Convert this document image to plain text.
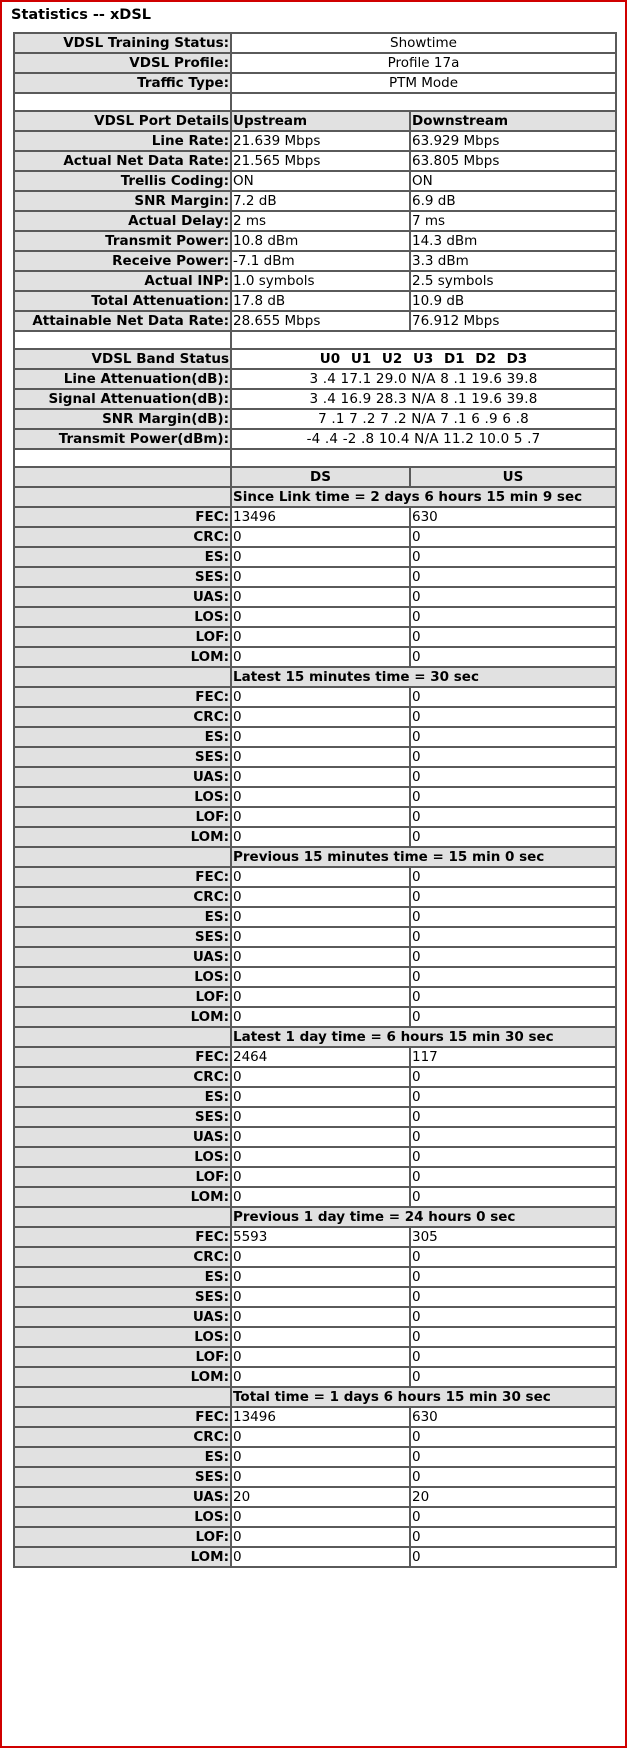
Statistics -- xDSL
VDSL Training Status:	Showtime	
VDSL Profile:	Profile 17a	
Traffic Type:	PTM Mode	

VDSL Port Details	Upstream	Downstream
Line Rate:	21.639 Mbps	63.929 Mbps
Actual Net Data Rate:	21.565 Mbps	63.805 Mbps
Trellis Coding:	ON	ON
SNR Margin:	7.2 dB	6.9 dB
Actual Delay:	2 ms	7 ms
Transmit Power:	10.8 dBm	14.3 dBm
Receive Power:	-7.1 dBm	3.3 dBm
Actual INP:	1.0 symbols	2.5 symbols
Total Attenuation:	17.8 dB	10.9 dB
Attainable Net Data Rate:	28.655 Mbps	76.912 Mbps

VDSL Band Status	U0 U1 U2 U3 D1 D2 D3	
Line Attenuation(dB):	3 .4 17.1 29.0 N/A 8 .1 19.6 39.8	
Signal Attenuation(dB):	3 .4 16.9 28.3 N/A 8 .1 19.6 39.8	
SNR Margin(dB):	7 .1 7 .2 7 .2 N/A 7 .1 6 .9 6 .8	
Transmit Power(dBm):	-4 .4 -2 .8 10.4 N/A 11.2 10.0 5 .7	

	DS	US
	Since Link time = 2 days 6 hours 15 min 9 sec	
FEC:	13496	630
CRC:	0	0
ES:	0	0
SES:	0	0
UAS:	0	0
LOS:	0	0
LOF:	0	0
LOM:	0	0
	Latest 15 minutes time = 30 sec	
FEC:	0	0
CRC:	0	0
ES:	0	0
SES:	0	0
UAS:	0	0
LOS:	0	0
LOF:	0	0
LOM:	0	0
	Previous 15 minutes time = 15 min 0 sec	
FEC:	0	0
CRC:	0	0
ES:	0	0
SES:	0	0
UAS:	0	0
LOS:	0	0
LOF:	0	0
LOM:	0	0
	Latest 1 day time = 6 hours 15 min 30 sec	
FEC:	2464	117
CRC:	0	0
ES:	0	0
SES:	0	0
UAS:	0	0
LOS:	0	0
LOF:	0	0
LOM:	0	0
	Previous 1 day time = 24 hours 0 sec	
FEC:	5593	305
CRC:	0	0
ES:	0	0
SES:	0	0
UAS:	0	0
LOS:	0	0
LOF:	0	0
LOM:	0	0
	Total time = 1 days 6 hours 15 min 30 sec	
FEC:	13496	630
CRC:	0	0
ES:	0	0
SES:	0	0
UAS:	20	20
LOS:	0	0
LOF:	0	0
LOM:	0	0
